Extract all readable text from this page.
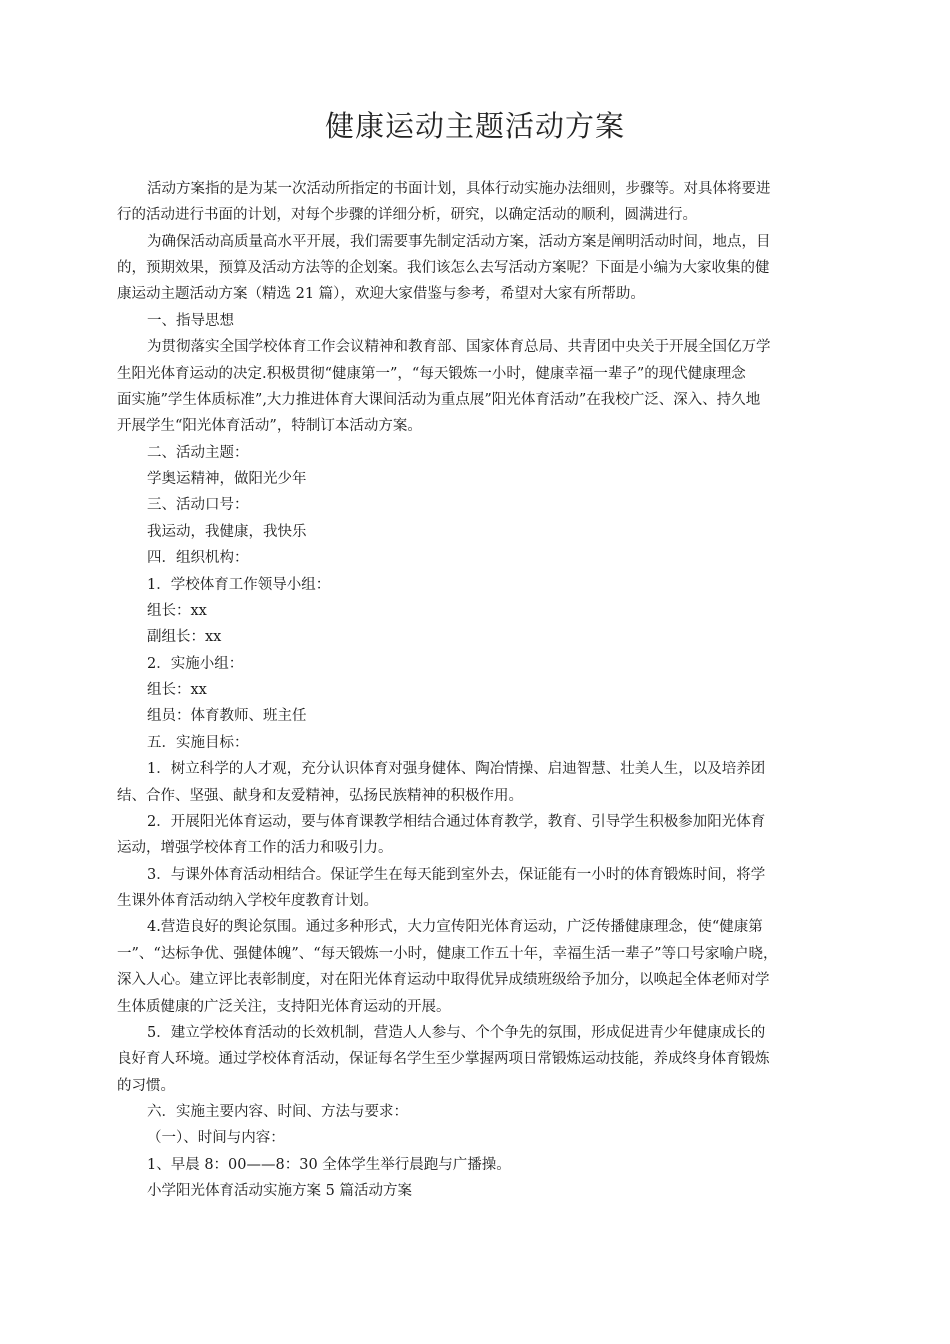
健康运动主题活动方案
活动方案指的是为某一次活动所指定的书面计划，具体行动实施办法细则，步骤等。对具体将要进
行的活动进行书面的计划，对每个步骤的详细分析，研究，以确定活动的顺利，圆满进行。
为确保活动高质量高水平开展，我们需要事先制定活动方案，活动方案是阐明活动时间，地点，目
的，预期效果，预算及活动方法等的企划案。我们该怎么去写活动方案呢？下面是小编为大家收集的健
康运动主题活动方案（精选 21 篇），欢迎大家借鉴与参考，希望对大家有所帮助。
一、指导思想
为贯彻落实全国学校体育工作会议精神和教育部、国家体育总局、共青团中央关于开展全国亿万学
生阳光体育运动的决定.积极贯彻“健康第一”，“每天锻炼一小时，健康幸福一辈子”的现代健康理念
面实施”学生体质标准”,大力推进体育大课间活动为重点展”阳光体育活动”在我校广泛、深入、持久地
开展学生“阳光体育活动”，特制订本活动方案。
二、活动主题：
学奥运精神，做阳光少年
三、活动口号：
我运动，我健康，我快乐
四．组织机构：
1．学校体育工作领导小组：
组长：xx
副组长：xx
2．实施小组：
组长：xx
组员：体育教师、班主任
五．实施目标：
1．树立科学的人才观，充分认识体育对强身健体、陶冶情操、启迪智慧、壮美人生，以及培养团
结、合作、坚强、献身和友爱精神，弘扬民族精神的积极作用。
2．开展阳光体育运动，要与体育课教学相结合通过体育教学，教育、引导学生积极参加阳光体育
运动，增强学校体育工作的活力和吸引力。
3．与课外体育活动相结合。保证学生在每天能到室外去，保证能有一小时的体育锻炼时间，将学
生课外体育活动纳入学校年度教育计划。
4.营造良好的舆论氛围。通过多种形式，大力宣传阳光体育运动，广泛传播健康理念，使“健康第
一”、“达标争优、强健体魄”、“每天锻炼一小时，健康工作五十年，幸福生活一辈子”等口号家喻户晓，
深入人心。建立评比表彰制度，对在阳光体育运动中取得优异成绩班级给予加分，以唤起全体老师对学
生体质健康的广泛关注，支持阳光体育运动的开展。
5．建立学校体育活动的长效机制，营造人人参与、个个争先的氛围，形成促进青少年健康成长的
良好育人环境。通过学校体育活动，保证每名学生至少掌握两项日常锻炼运动技能，养成终身体育锻炼
的习惯。
六．实施主要内容、时间、方法与要求：
（一）、时间与内容：
1、早晨 8：00——8：30 全体学生举行晨跑与广播操。
小学阳光体育活动实施方案 5 篇活动方案
